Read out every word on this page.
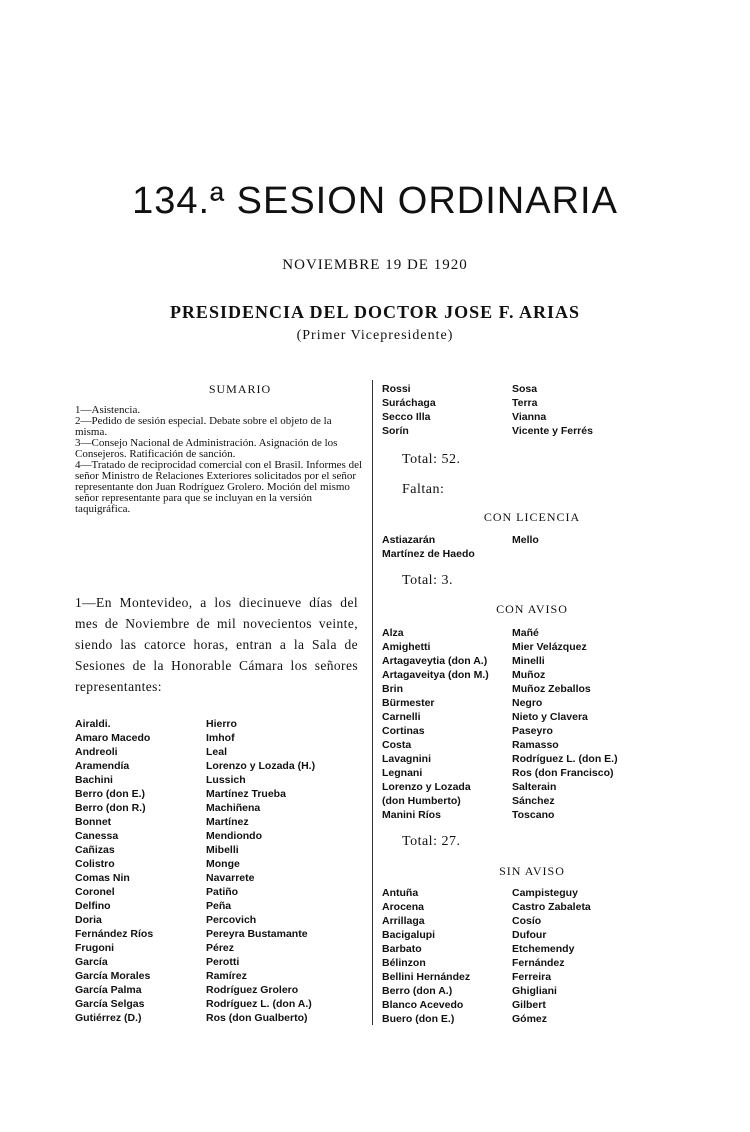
134.ª SESION ORDINARIA
NOVIEMBRE 19 DE 1920
PRESIDENCIA DEL DOCTOR JOSE F. ARIAS
(Primer Vicepresidente)
SUMARIO

1—Asistencia.

2—Pedido de sesión especial. Debate sobre el objeto de la misma.

3—Consejo Nacional de Administración. Asignación de los Consejeros. Ratificación de sanción.

4—Tratado de reciprocidad comercial con el Brasil. Informes del señor Ministro de Relaciones Exteriores solicitados por el señor representante don Juan Rodríguez Grolero. Moción del mismo señor representante para que se incluyan en la versión taquigráfica.

1—En Montevideo, a los diecinueve días del mes de Noviembre de mil novecientos veinte, siendo las catorce horas, entran a la Sala de Sesiones de la Honorable Cámara los señores representantes:
Airaldi.	Hierro
Amaro Macedo	Imhof
Andreoli	Leal
Aramendía	Lorenzo y Lozada (H.)
Bachini	Lussich
Berro (don E.)	Martínez Trueba
Berro (don R.)	Machiñena
Bonnet	Martínez
Canessa	Mendiondo
Cañizas	Mibelli
Colistro	Monge
Comas Nin	Navarrete
Coronel	Patiño
Delfino	Peña
Doria	Percovich
Fernández Ríos	Pereyra Bustamante
Frugoni	Pérez
García	Perotti
García Morales	Ramírez
García Palma	Rodríguez Grolero
García Selgas	Rodríguez L. (don A.)
Gutiérrez (D.)	Ros (don Gualberto)
Rossi	Sosa
Suráchaga	Terra
Secco Illa	Vianna
Sorín	Vicente y Ferrés
Total: 52.
Faltan:
CON LICENCIA
Astiazarán	Mello
Martínez de Haedo
Total: 3.
CON AVISO
Alza	Mañé
Amighetti	Mier Velázquez
Artagaveytia (don A.)	Minelli
Artagaveitya (don M.)	Muñoz
Brin	Muñoz Zeballos
Bürmester	Negro
Carnelli	Nieto y Clavera
Cortinas	Paseyro
Costa	Ramasso
Lavagnini	Rodríguez L. (don E.)
Legnani	Ros (don Francisco)
Lorenzo y Lozada	Salterain
(don Humberto)	Sánchez
Manini Ríos	Toscano
Total: 27.
SIN AVISO
Antuña	Campisteguy
Arocena	Castro Zabaleta
Arrillaga	Cosío
Bacigalupi	Dufour
Barbato	Etchemendy
Bélinzon	Fernández
Bellini Hernández	Ferreira
Berro (don A.)	Ghigliani
Blanco Acevedo	Gilbert
Buero (don E.)	Gómez
